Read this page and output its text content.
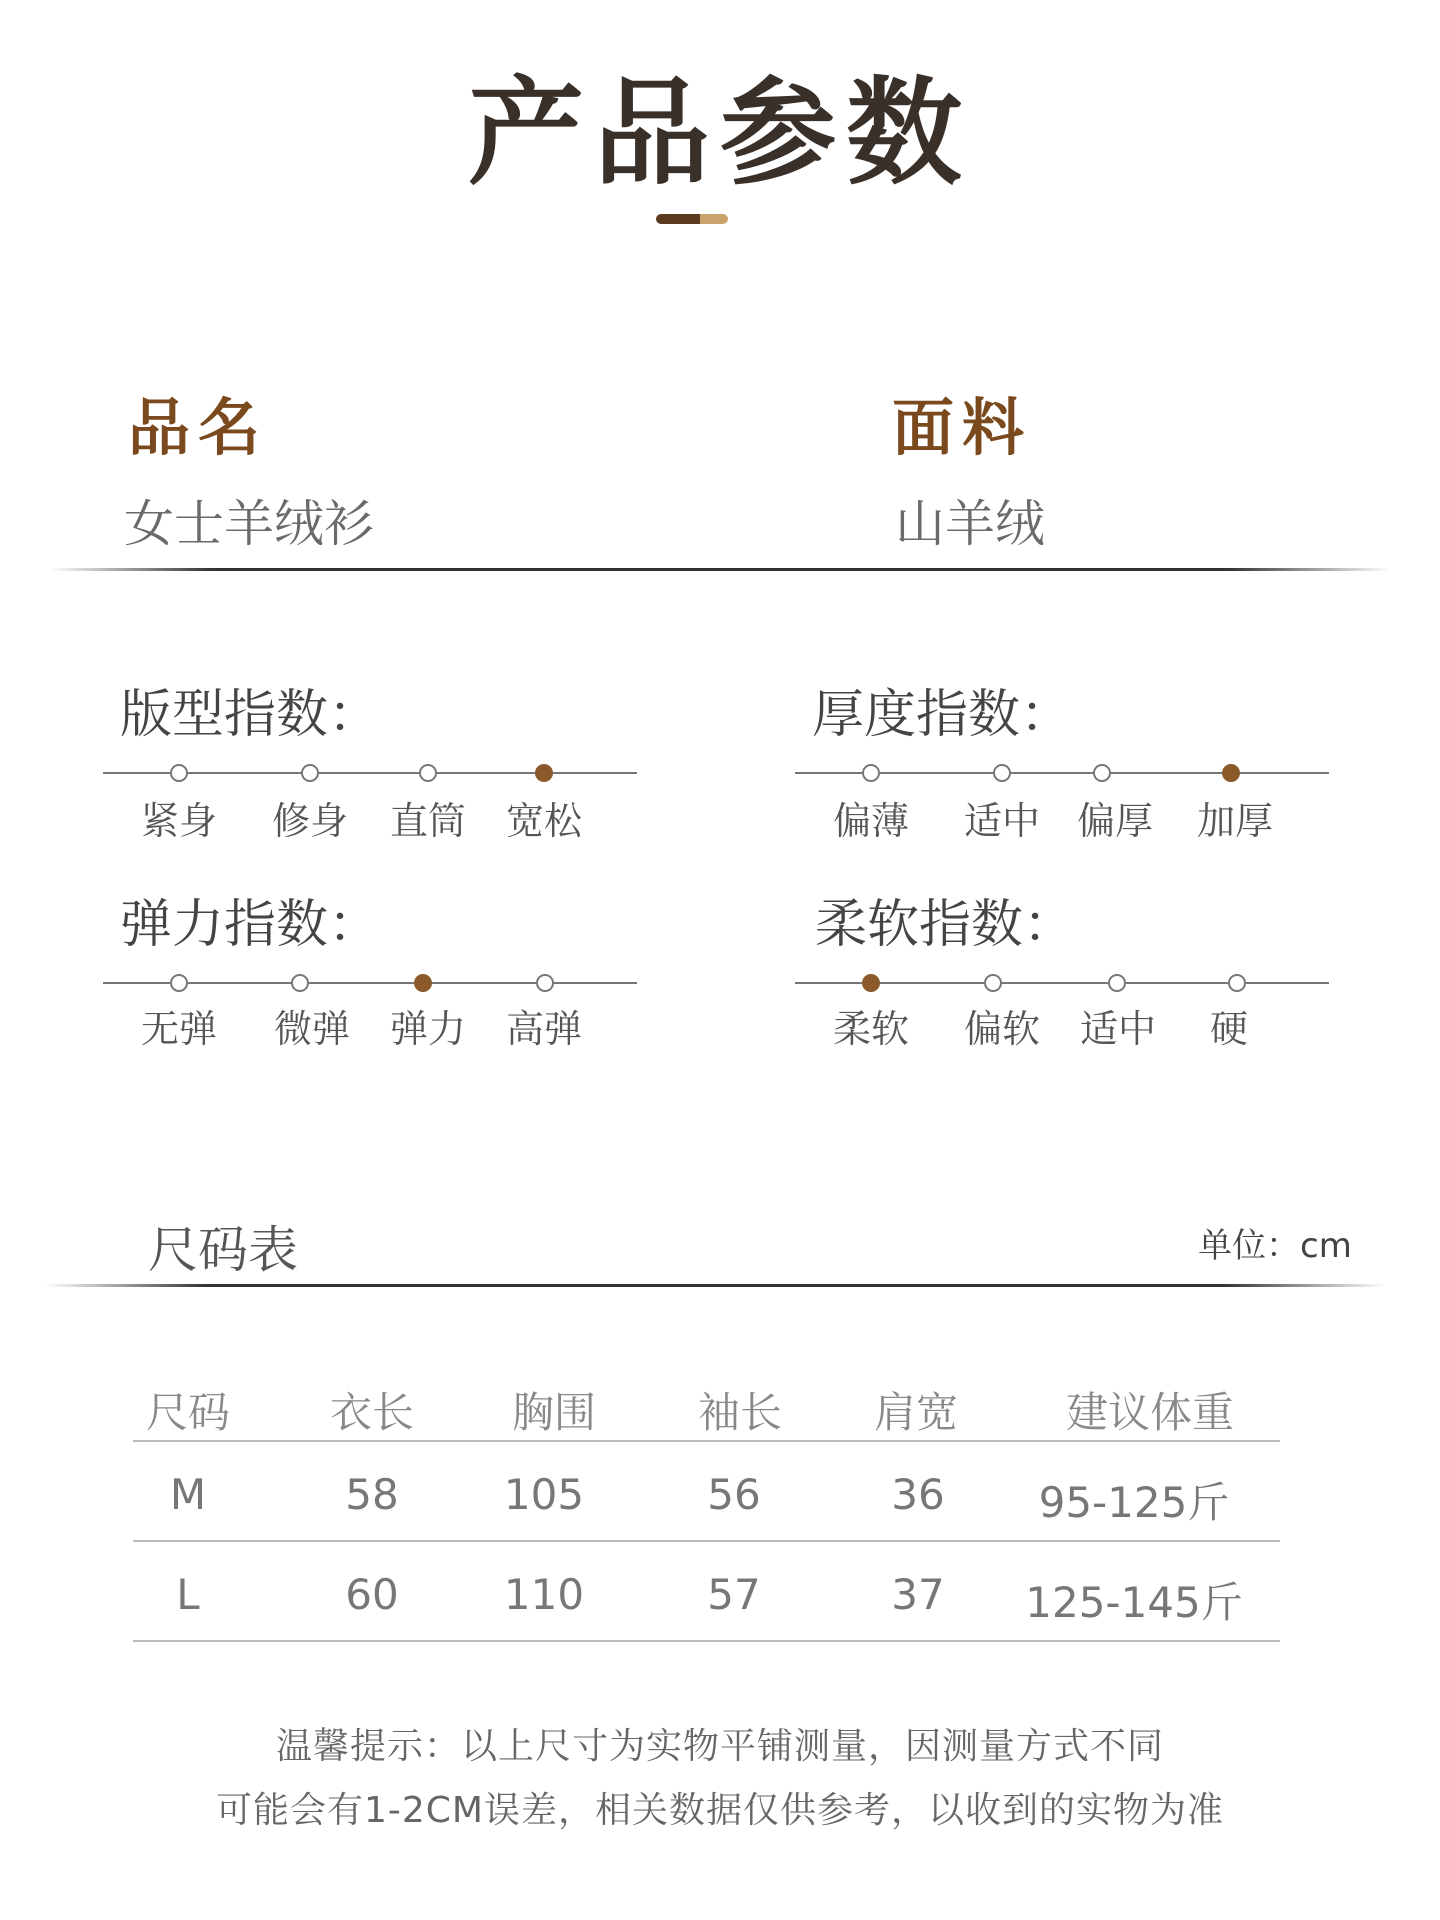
产品参数
品名
女士羊绒衫
面料
山羊绒
版型指数：
紧身	修身	直筒	宽松
厚度指数：
偏薄	适中 偏厚	加厚
弹力指数：
无弹	微弹	弹力	高弹
柔软指数：
柔软	偏软	适中	硬
尺码表	单位：cm
尺码	衣长	胸围	袖长	肩宽	建议体重
M	58	105	56	36	95-125斤
L	60	110	57	37	125-145斤
温馨提示：以上尺寸为实物平铺测量，因测量方式不同
可能会有1-2CM误差，相关数据仅供参考，以收到的实物为准
